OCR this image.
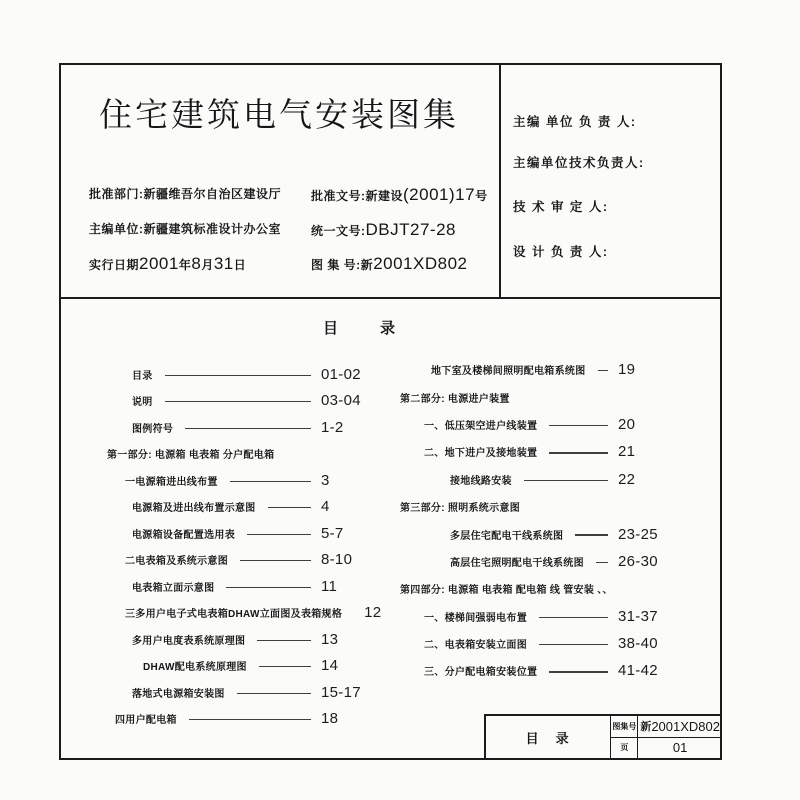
住宅建筑电气安装图集
批准部门:新疆维吾尔自治区建设厅
主编单位:新疆建筑标准设计办公室
实行日期2001年8月31日
批准文号:新建设(2001)17号
统一文号:DBJT27-28
图 集 号:新2001XD802
主编 单位 负 责 人:
主编单位技术负责人:
技 术 审 定 人:
设 计 负 责 人:
目　　录
目录	01-02
说明	03-04
图例符号	1-2
第一部分: 电源箱 电表箱 分户配电箱
一电源箱进出线布置	3
电源箱及进出线布置示意图	4
电源箱设备配置选用表	5-7
二电表箱及系统示意图	8-10
电表箱立面示意图	11
三多用户电子式电表箱DHAW立面图及表箱规格 12
多用户电度表系统原理图	13
DHAW配电系统原理图	14
落地式电源箱安装图	15-17
四用户配电箱	18
地下室及楼梯间照明配电箱系统图 19
第二部分: 电源进户装置
一、低压架空进户线装置	20
二、地下进户及接地装置	21
接地线路安装	22
第三部分: 照明系统示意图
多层住宅配电干线系统图	23-25
高层住宅照明配电干线系统图 26-30
第四部分: 电源箱 电表箱 配电箱 线 管安装 、、
一、楼梯间强弱电布置	31-37
二、电表箱安装立面图	38-40
三、分户配电箱安装位置	41-42
目　录
图集号 新 2001XD802
页	01
